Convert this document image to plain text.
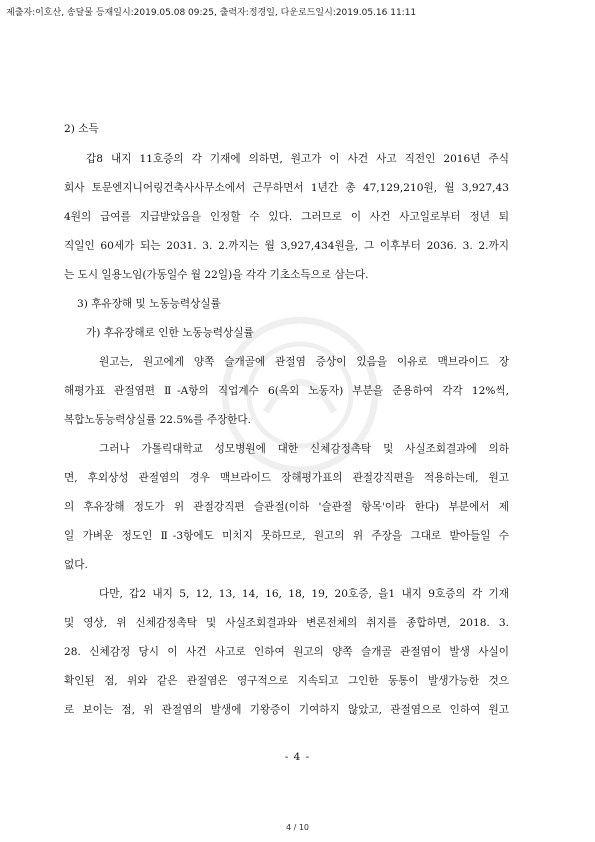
제출자:이호산, 송달물 등재일시:2019.05.08 09:25, 출력자:정경일, 다운로드일시:2019.05.16 11:11
2) 소득
갑8 내지 11호증의 각 기재에 의하면, 원고가 이 사건 사고 직전인 2016년 주식
회사 토문엔지니어링건축사사무소에서 근무하면서 1년간 총 47,129,210원, 월 3,927,43
4원의 급여를 지급받았음을 인정할 수 있다. 그러므로 이 사건 사고일로부터 정년 퇴
직일인 60세가 되는 2031. 3. 2.까지는 월 3,927,434원을, 그 이후부터 2036. 3. 2.까지
는 도시 일용노임(가동일수 월 22일)을 각각 기초소득으로 삼는다.
3) 후유장해 및 노동능력상실률
가) 후유장해로 인한 노동능력상실률
원고는, 원고에게 양쪽 슬개골에 관절염 증상이 있음을 이유로 맥브라이드 장
해평가표 관절염편 Ⅱ-A항의 직업계수 6(옥외 노동자) 부분을 준용하여 각각 12%씩,
복합노동능력상실률 22.5%를 주장한다.
그러나 가톨릭대학교 성모병원에 대한 신체감정촉탁 및 사실조회결과에 의하
면, 후외상성 관절염의 경우 맥브라이드 장해평가표의 관절강직편을 적용하는데, 원고
의 후유장해 정도가 위 관절강직편 슬관절(이하 '슬관절 항목'이라 한다) 부분에서 제
일 가벼운 정도인 Ⅱ-3항에도 미치지 못하므로, 원고의 위 주장을 그대로 받아들일 수
없다.
다만, 갑2 내지 5, 12, 13, 14, 16, 18, 19, 20호증, 을1 내지 9호증의 각 기재
및 영상, 위 신체감정촉탁 및 사실조회결과와 변론전체의 취지를 종합하면, 2018. 3.
28. 신체감정 당시 이 사건 사고로 인하여 원고의 양쪽 슬개골 관절염이 발생 사실이
확인된 점, 위와 같은 관절염은 영구적으로 지속되고 그인한 동통이 발생가능한 것으
로 보이는 점, 위 관절염의 발생에 기왕증이 기여하지 않았고, 관절염으로 인하여 원고
- 4 -
4 / 10
